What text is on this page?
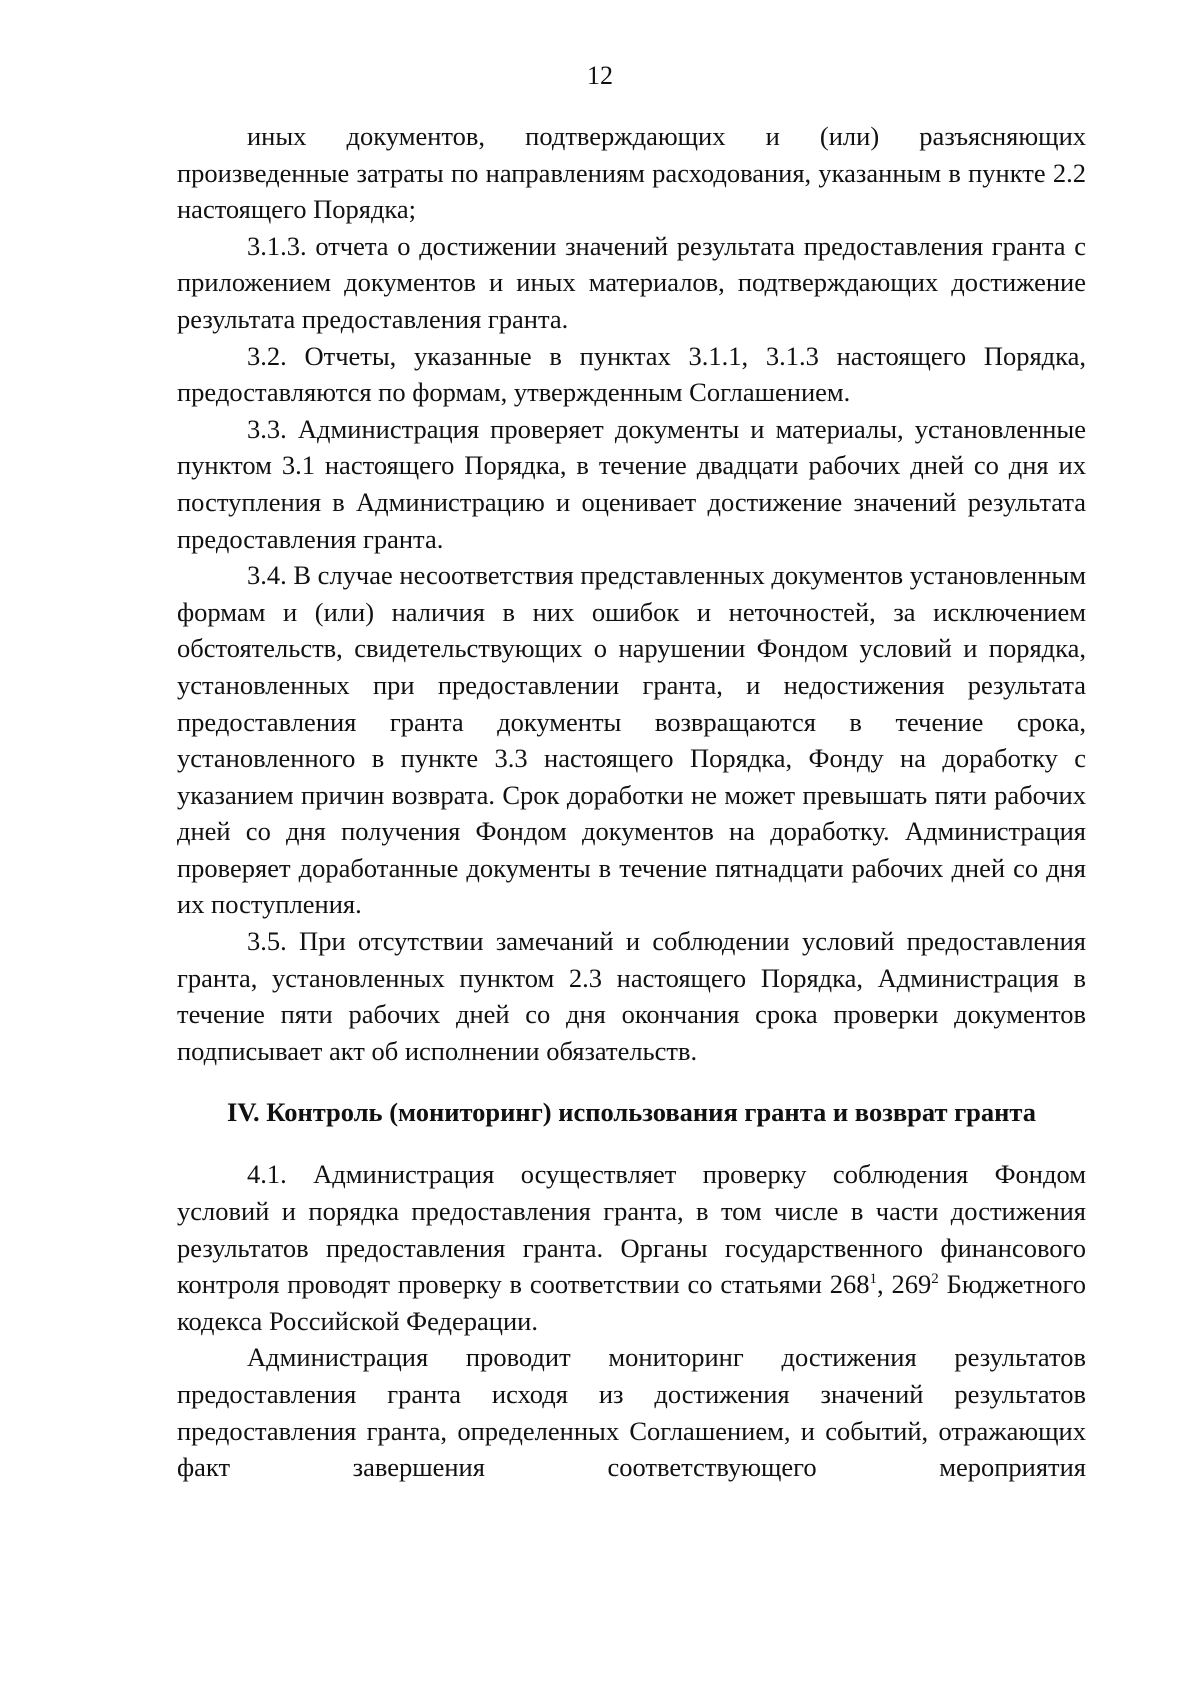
12

иных документов, подтверждающих и (или) разъясняющих произведенные затраты по направлениям расходования, указанным в пункте 2.2 настоящего Порядка;

3.1.3. отчета о достижении значений результата предоставления гранта с приложением документов и иных материалов, подтверждающих достижение результата предоставления гранта.

3.2. Отчеты, указанные в пунктах 3.1.1, 3.1.3 настоящего Порядка, предоставляются по формам, утвержденным Соглашением.

3.3. Администрация проверяет документы и материалы, установленные пунктом 3.1 настоящего Порядка, в течение двадцати рабочих дней со дня их поступления в Администрацию и оценивает достижение значений результата предоставления гранта.

3.4. В случае несоответствия представленных документов установленным формам и (или) наличия в них ошибок и неточностей, за исключением обстоятельств, свидетельствующих о нарушении Фондом условий и порядка, установленных при предоставлении гранта, и недостижения результата предоставления гранта документы возвращаются в течение срока, установленного в пункте 3.3 настоящего Порядка, Фонду на доработку с указанием причин возврата. Срок доработки не может превышать пяти рабочих дней со дня получения Фондом документов на доработку. Администрация проверяет доработанные документы в течение пятнадцати рабочих дней со дня их поступления.

3.5. При отсутствии замечаний и соблюдении условий предоставления гранта, установленных пунктом 2.3 настоящего Порядка, Администрация в течение пяти рабочих дней со дня окончания срока проверки документов подписывает акт об исполнении обязательств.

IV. Контроль (мониторинг) использования гранта и возврат гранта

4.1. Администрация осуществляет проверку соблюдения Фондом условий и порядка предоставления гранта, в том числе в части достижения результатов предоставления гранта. Органы государственного финансового контроля проводят проверку в соответствии со статьями $268^1$, $269^2$ Бюджетного кодекса Российской Федерации.

Администрация проводит мониторинг достижения результатов предоставления гранта исходя из достижения значений результатов предоставления гранта, определенных Соглашением, и событий, отражающих факт завершения соответствующего мероприятия
